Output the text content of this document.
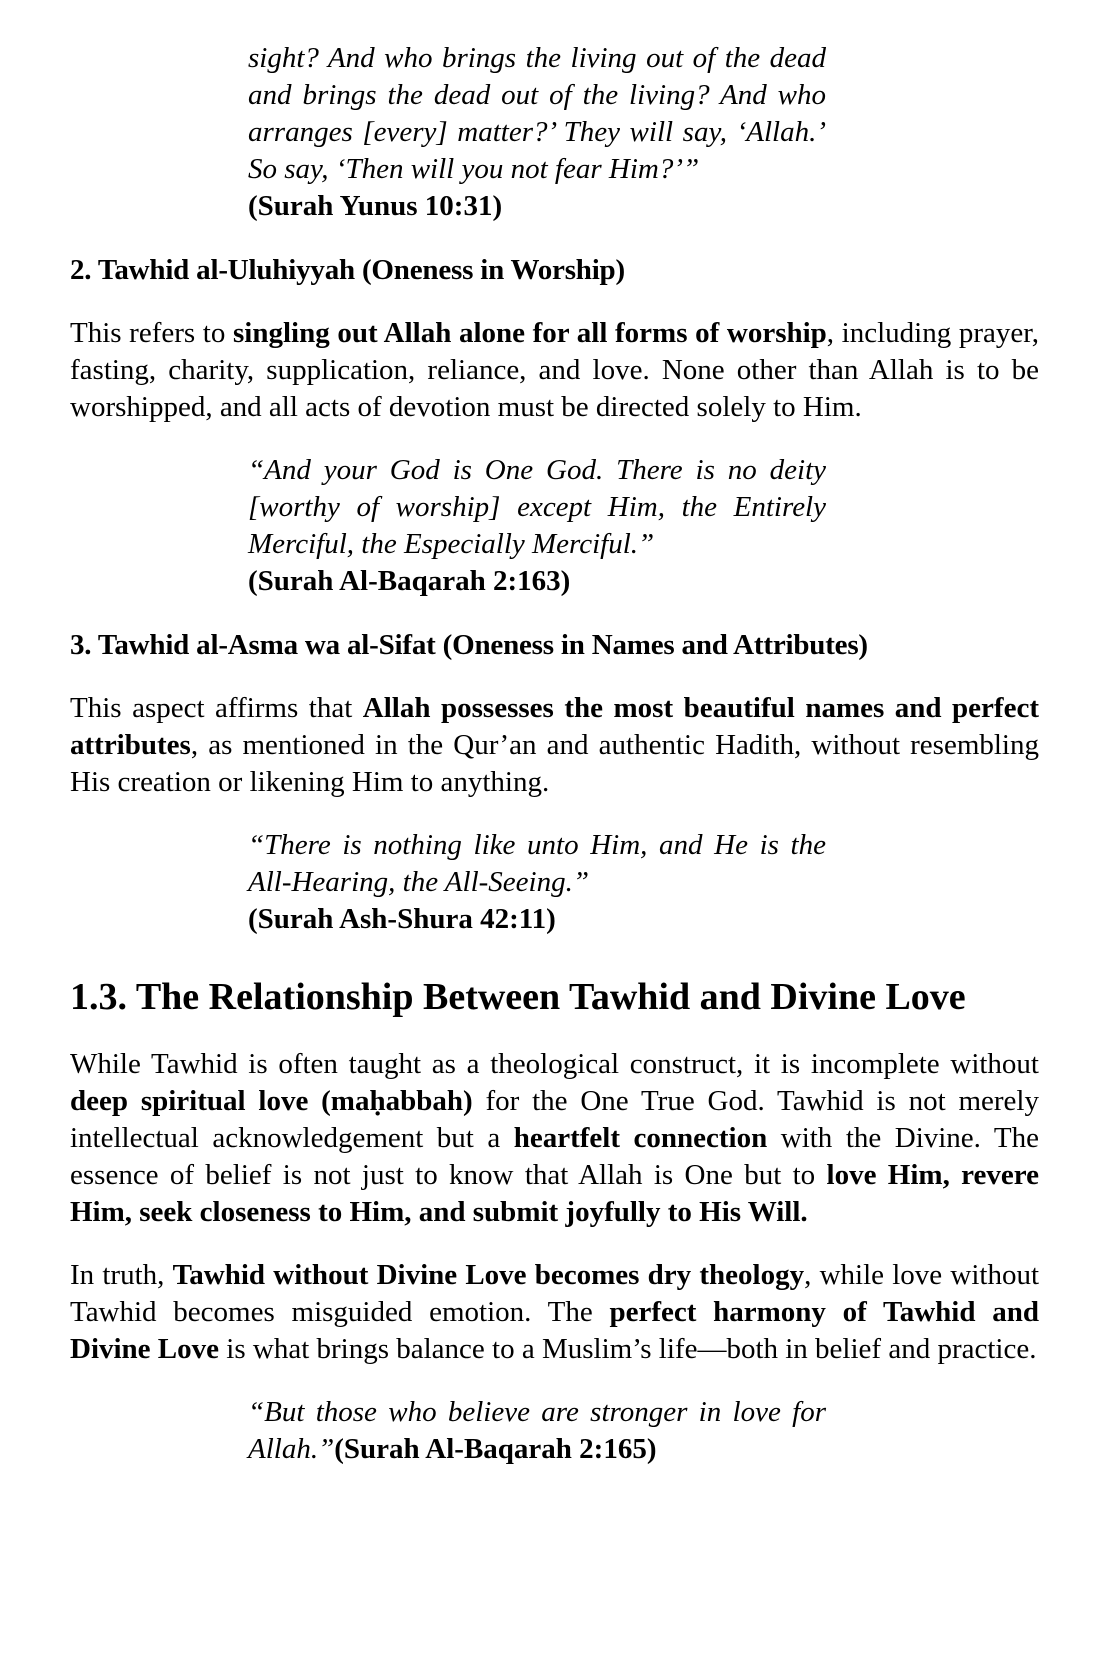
sight? And who brings the living out of the dead and brings the dead out of the living? And who arranges [every] matter?’ They will say, ‘Allah.’ So say, ‘Then will you not fear Him?’”
(Surah Yunus 10:31)
2. Tawhid al-Uluhiyyah (Oneness in Worship)

This refers to singling out Allah alone for all forms of worship, including prayer, fasting, charity, supplication, reliance, and love. None other than Allah is to be worshipped, and all acts of devotion must be directed solely to Him.

“And your God is One God. There is no deity [worthy of worship] except Him, the Entirely Merciful, the Especially Merciful.”
(Surah Al-Baqarah 2:163)
3. Tawhid al-Asma wa al-Sifat (Oneness in Names and Attributes)

This aspect affirms that Allah possesses the most beautiful names and perfect attributes, as mentioned in the Qur’an and authentic Hadith, without resembling His creation or likening Him to anything.

“There is nothing like unto Him, and He is the All-Hearing, the All-Seeing.”
(Surah Ash-Shura 42:11)
1.3. The Relationship Between Tawhid and Divine Love

While Tawhid is often taught as a theological construct, it is incomplete without deep spiritual love (maḥabbah) for the One True God. Tawhid is not merely intellectual acknowledgement but a heartfelt connection with the Divine. The essence of belief is not just to know that Allah is One but to love Him, revere Him, seek closeness to Him, and submit joyfully to His Will.

In truth, Tawhid without Divine Love becomes dry theology, while love without Tawhid becomes misguided emotion. The perfect harmony of Tawhid and Divine Love is what brings balance to a Muslim’s life—both in belief and practice.

“But those who believe are stronger in love for Allah.”(Surah Al-Baqarah 2:165)
